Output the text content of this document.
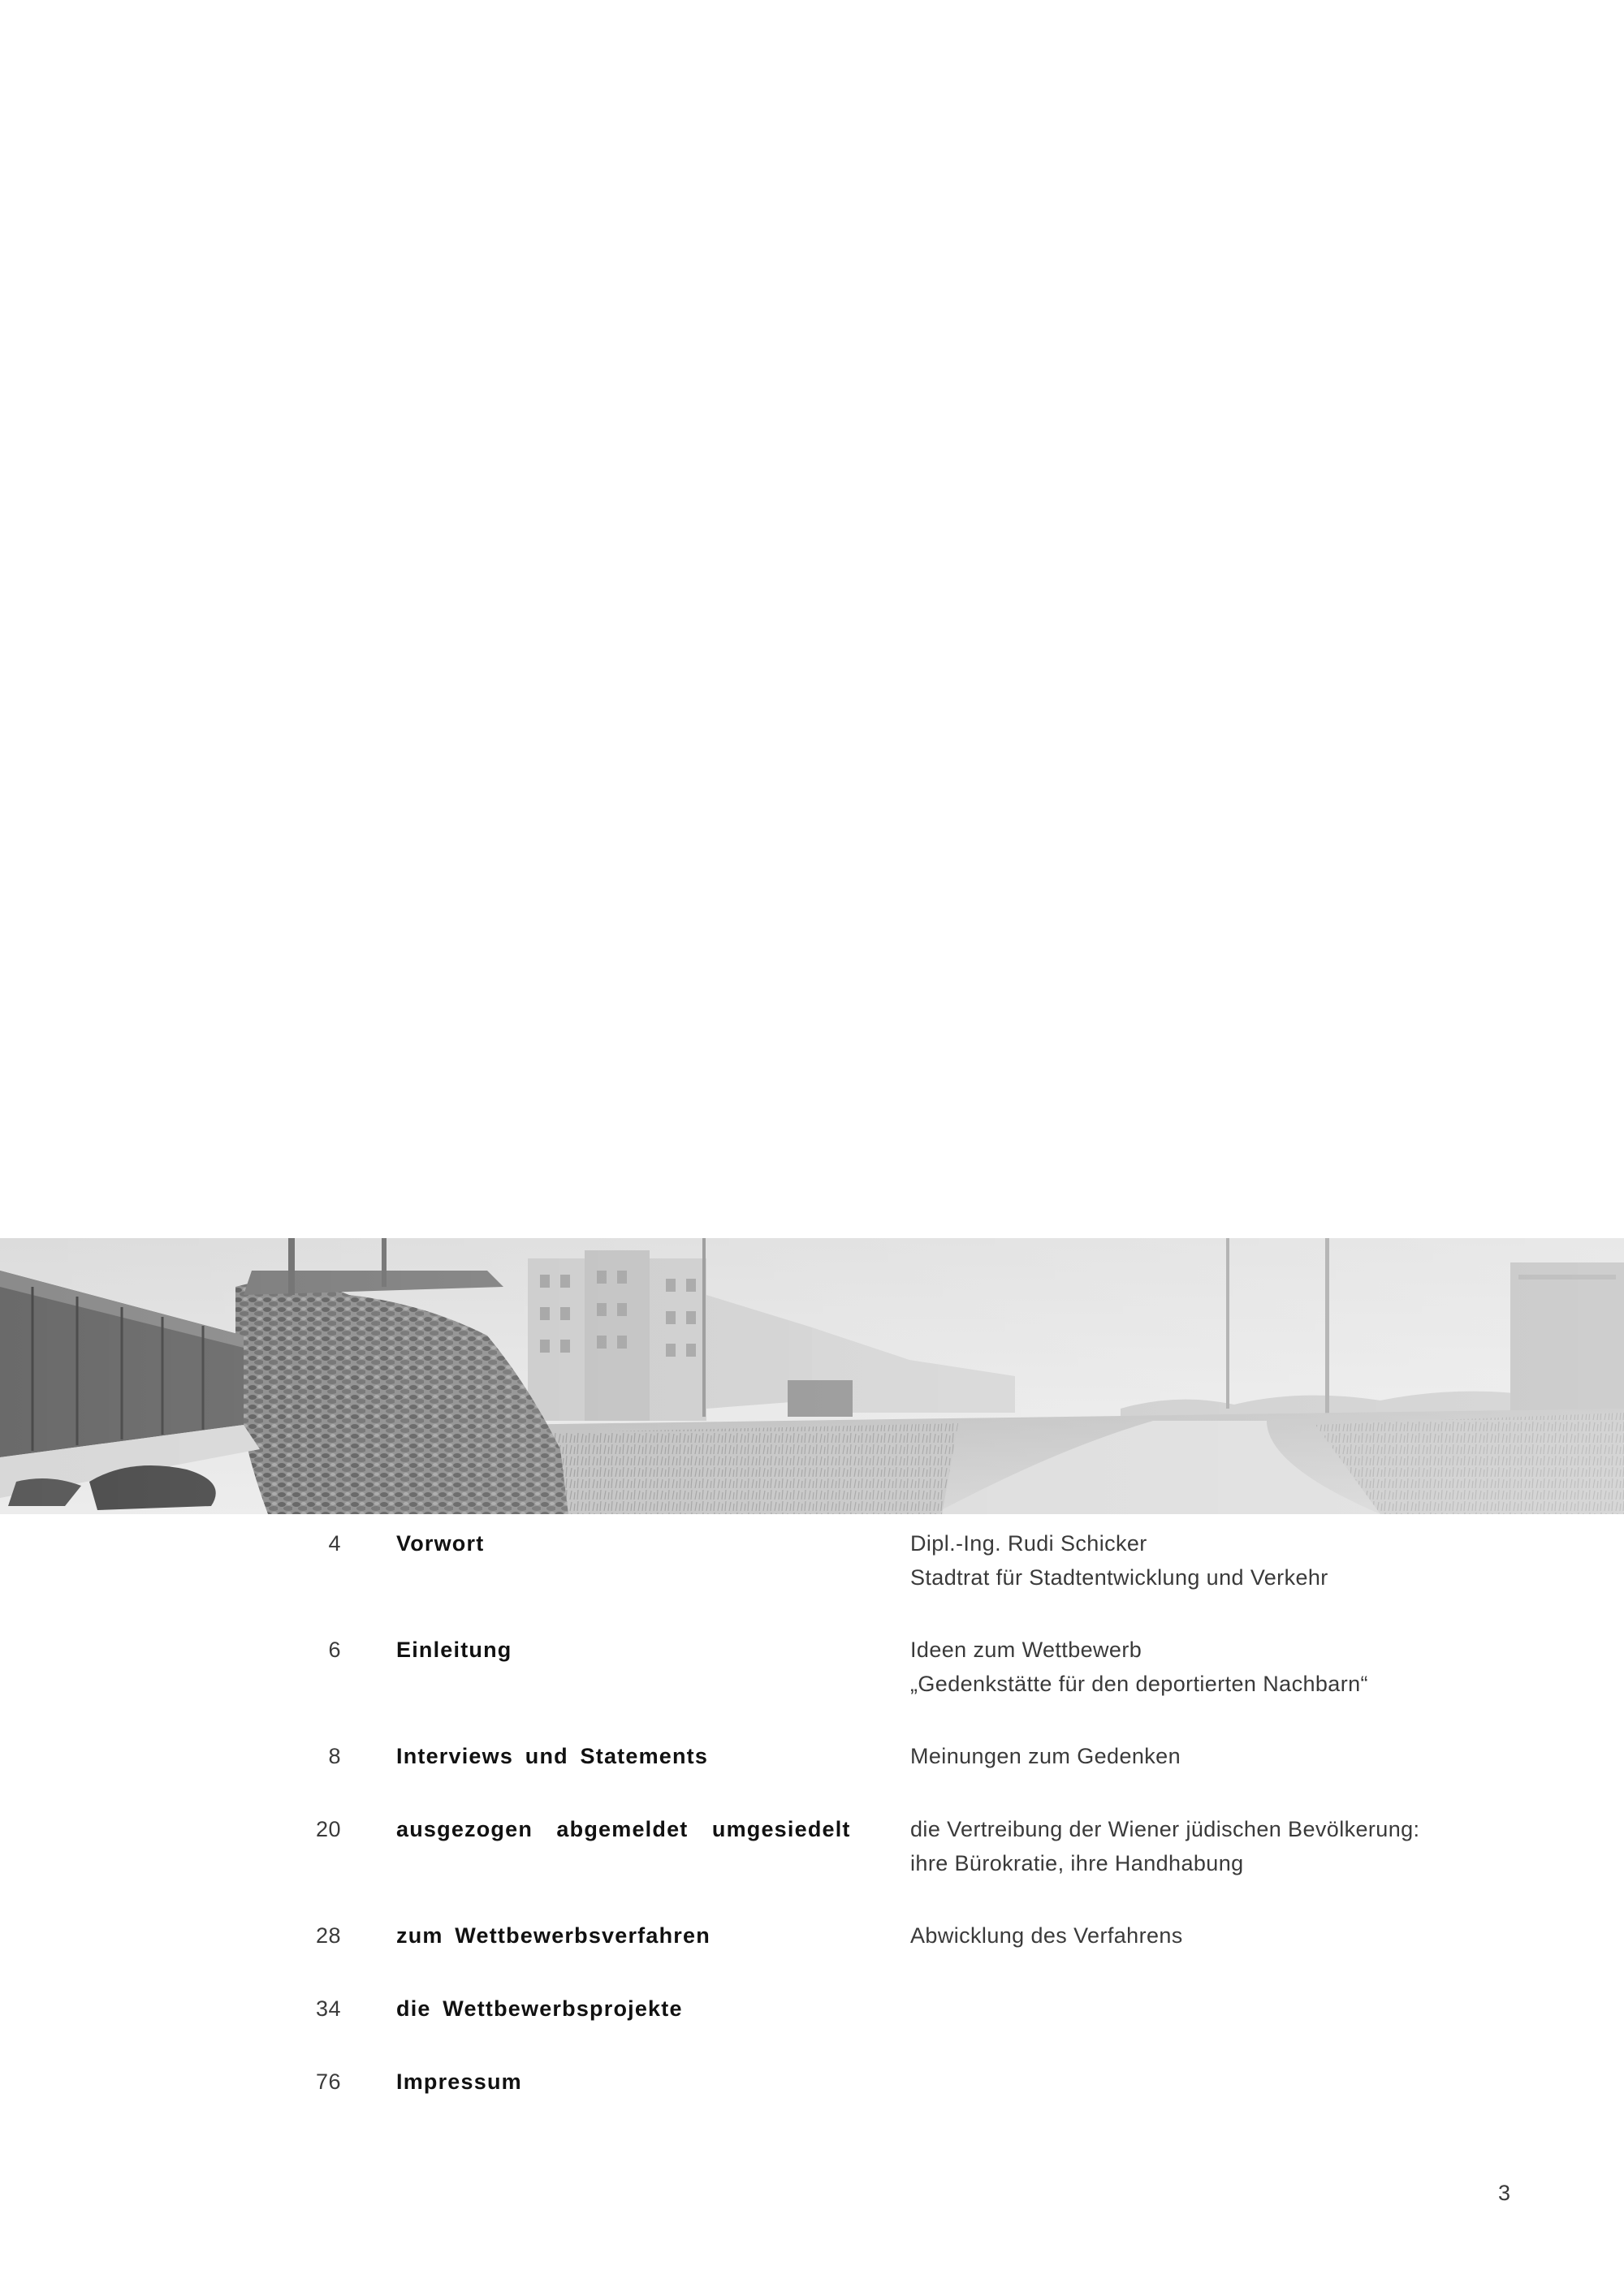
4	Vorwort	Dipl.-Ing. Rudi Schicker
Stadtrat für Stadtentwicklung und Verkehr
6	Einleitung	Ideen zum Wettbewerb
„Gedenkstätte für den deportierten Nachbarn“
8	Interviews und Statements	Meinungen zum Gedenken
20	ausgezogen  abgemeldet  umgesiedelt	die Vertreibung der Wiener jüdischen Bevölkerung:
ihre Bürokratie, ihre Handhabung
28	zum Wettbewerbsverfahren	Abwicklung des Verfahrens
34	die Wettbewerbsprojekte
76	Impressum
3
